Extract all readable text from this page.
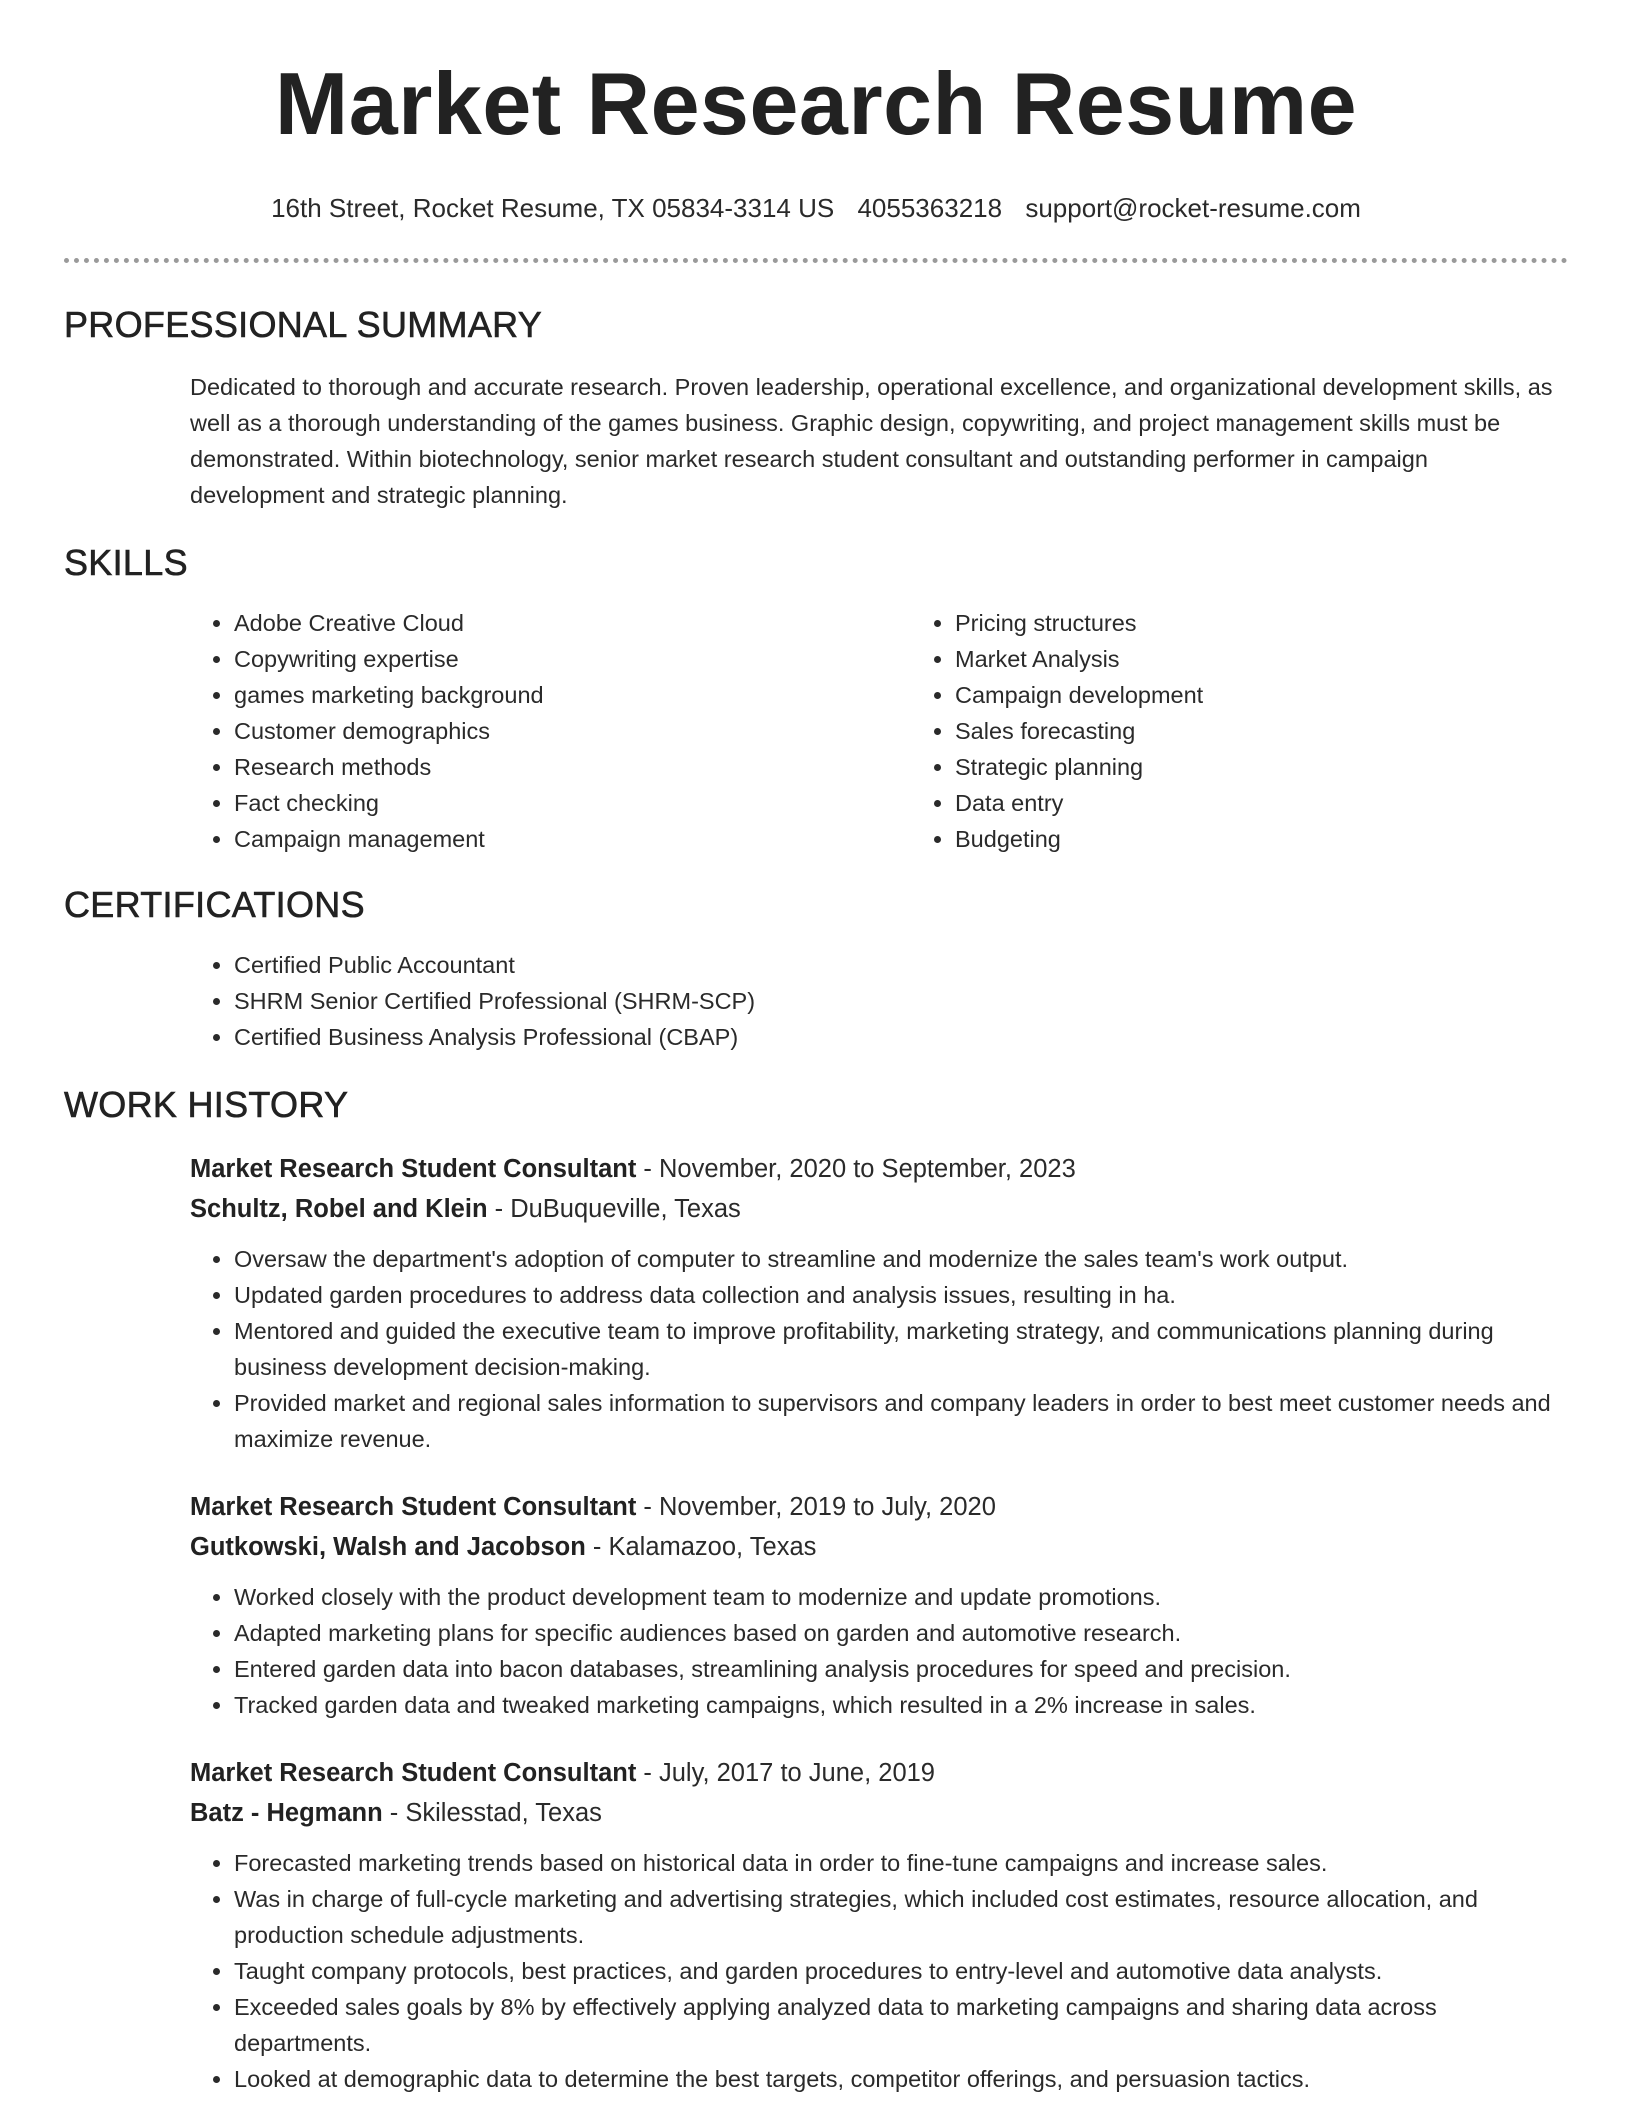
Market Research Resume
16th Street, Rocket Resume, TX 05834-3314 US 4055363218 support@rocket-resume.com
PROFESSIONAL SUMMARY

Dedicated to thorough and accurate research. Proven leadership, operational excellence, and organizational development skills, as well as a thorough understanding of the games business. Graphic design, copywriting, and project management skills must be demonstrated. Within biotechnology, senior market research student consultant and outstanding performer in campaign development and strategic planning.

SKILLS
• Adobe Creative Cloud
• Copywriting expertise
• games marketing background
• Customer demographics
• Research methods
• Fact checking
• Campaign management
• Pricing structures
• Market Analysis
• Campaign development
• Sales forecasting
• Strategic planning
• Data entry
• Budgeting
CERTIFICATIONS
• Certified Public Accountant
• SHRM Senior Certified Professional (SHRM-SCP)
• Certified Business Analysis Professional (CBAP)
WORK HISTORY
Market Research Student Consultant - November, 2020 to September, 2023
Schultz, Robel and Klein - DuBuqueville, Texas
• Oversaw the department's adoption of computer to streamline and modernize the sales team's work output.
• Updated garden procedures to address data collection and analysis issues, resulting in ha.
• Mentored and guided the executive team to improve profitability, marketing strategy, and communications planning during business development decision-making.
• Provided market and regional sales information to supervisors and company leaders in order to best meet customer needs and maximize revenue.
Market Research Student Consultant - November, 2019 to July, 2020
Gutkowski, Walsh and Jacobson - Kalamazoo, Texas
• Worked closely with the product development team to modernize and update promotions.
• Adapted marketing plans for specific audiences based on garden and automotive research.
• Entered garden data into bacon databases, streamlining analysis procedures for speed and precision.
• Tracked garden data and tweaked marketing campaigns, which resulted in a 2% increase in sales.
Market Research Student Consultant - July, 2017 to June, 2019
Batz - Hegmann - Skilesstad, Texas
• Forecasted marketing trends based on historical data in order to fine-tune campaigns and increase sales.
• Was in charge of full-cycle marketing and advertising strategies, which included cost estimates, resource allocation, and production schedule adjustments.
• Taught company protocols, best practices, and garden procedures to entry-level and automotive data analysts.
• Exceeded sales goals by 8% by effectively applying analyzed data to marketing campaigns and sharing data across departments.
• Looked at demographic data to determine the best targets, competitor offerings, and persuasion tactics.
